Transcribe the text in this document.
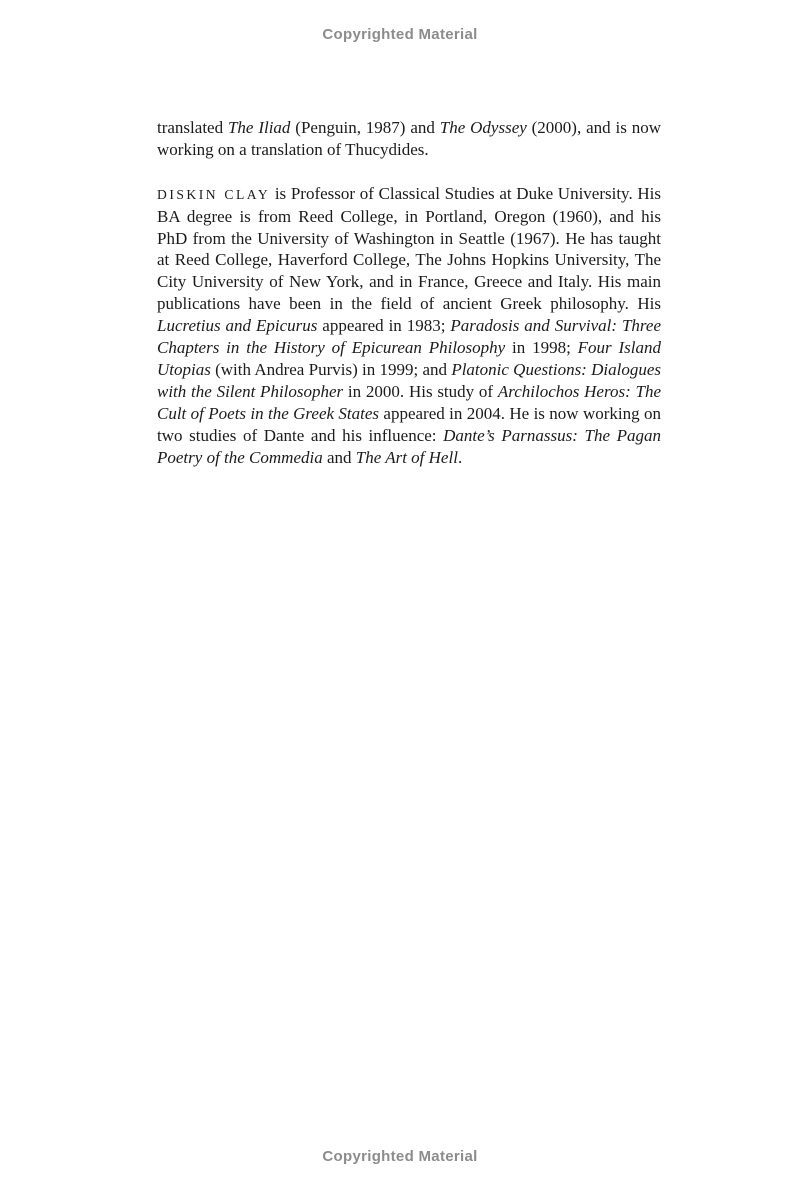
Copyrighted Material

translated The Iliad (Penguin, 1987) and The Odyssey (2000), and is now working on a translation of Thucydides.

DISKIN CLAY is Professor of Classical Studies at Duke University. His BA degree is from Reed College, in Portland, Oregon (1960), and his PhD from the University of Washington in Seattle (1967). He has taught at Reed College, Haverford College, The Johns Hopkins University, The City University of New York, and in France, Greece and Italy. His main publications have been in the field of ancient Greek philosophy. His Lucretius and Epicurus appeared in 1983; Paradosis and Survival: Three Chapters in the History of Epicurean Philosophy in 1998; Four Island Utopias (with Andrea Purvis) in 1999; and Platonic Questions: Dialogues with the Silent Philosopher in 2000. His study of Archilochos Heros: The Cult of Poets in the Greek States appeared in 2004. He is now working on two studies of Dante and his influence: Dante’s Parnassus: The Pagan Poetry of the Commedia and The Art of Hell.

Copyrighted Material
